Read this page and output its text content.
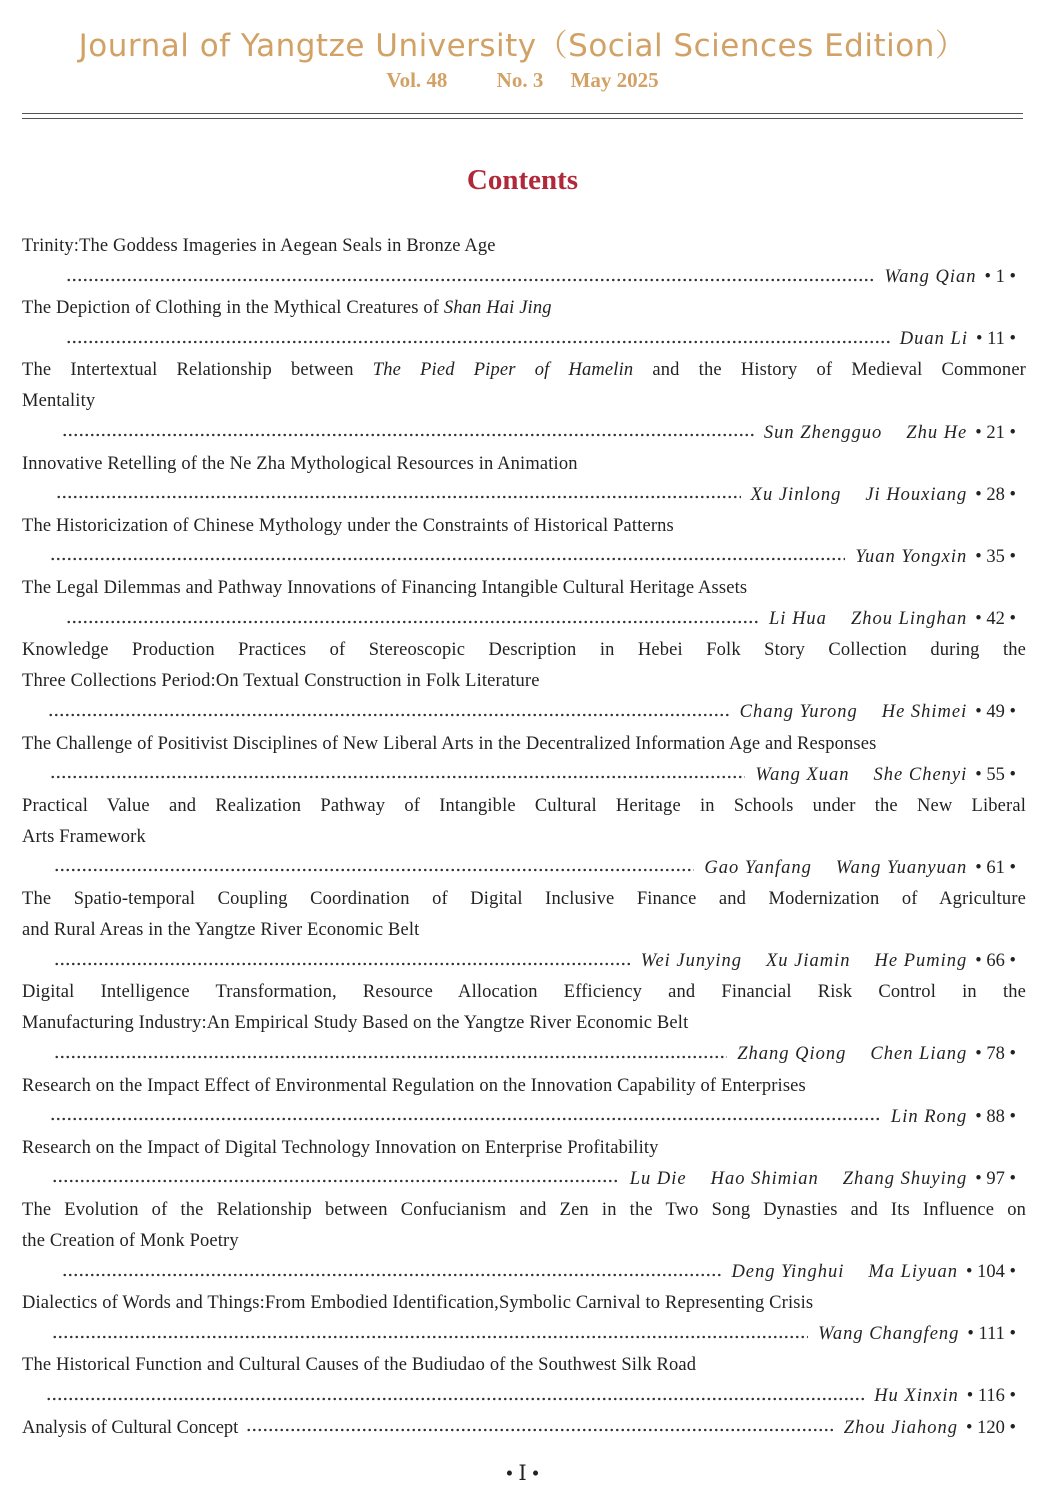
Journal of Yangtze University（Social Sciences Edition）
Vol. 48 No. 3 May 2025
Contents
Trinity:The Goddess Imageries in Aegean Seals in Bronze Age
Wang Qian • 1 •
The Depiction of Clothing in the Mythical Creatures of Shan Hai Jing
Duan Li • 11 •
The Intertextual Relationship between The Pied Piper of Hamelin and the History of Medieval Commoner
Mentality
Sun Zhengguo Zhu He • 21 •
Innovative Retelling of the Ne Zha Mythological Resources in Animation
Xu Jinlong Ji Houxiang • 28 •
The Historicization of Chinese Mythology under the Constraints of Historical Patterns
Yuan Yongxin • 35 •
The Legal Dilemmas and Pathway Innovations of Financing Intangible Cultural Heritage Assets
Li Hua Zhou Linghan • 42 •
Knowledge Production Practices of Stereoscopic Description in Hebei Folk Story Collection during the
Three Collections Period:On Textual Construction in Folk Literature
Chang Yurong He Shimei • 49 •
The Challenge of Positivist Disciplines of New Liberal Arts in the Decentralized Information Age and Responses
Wang Xuan She Chenyi • 55 •
Practical Value and Realization Pathway of Intangible Cultural Heritage in Schools under the New Liberal
Arts Framework
Gao Yanfang Wang Yuanyuan • 61 •
The Spatio-temporal Coupling Coordination of Digital Inclusive Finance and Modernization of Agriculture
and Rural Areas in the Yangtze River Economic Belt
Wei Junying Xu Jiamin He Puming • 66 •
Digital Intelligence Transformation, Resource Allocation Efficiency and Financial Risk Control in the
Manufacturing Industry:An Empirical Study Based on the Yangtze River Economic Belt
Zhang Qiong Chen Liang • 78 •
Research on the Impact Effect of Environmental Regulation on the Innovation Capability of Enterprises
Lin Rong • 88 •
Research on the Impact of Digital Technology Innovation on Enterprise Profitability
Lu Die Hao Shimian Zhang Shuying • 97 •
The Evolution of the Relationship between Confucianism and Zen in the Two Song Dynasties and Its Influence on
the Creation of Monk Poetry
Deng Yinghui Ma Liyuan • 104 •
Dialectics of Words and Things:From Embodied Identification,Symbolic Carnival to Representing Crisis
Wang Changfeng • 111 •
The Historical Function and Cultural Causes of the Budiudao of the Southwest Silk Road
Hu Xinxin • 116 •
Analysis of Cultural Concept	Zhou Jiahong • 120 •
• Ⅰ •
